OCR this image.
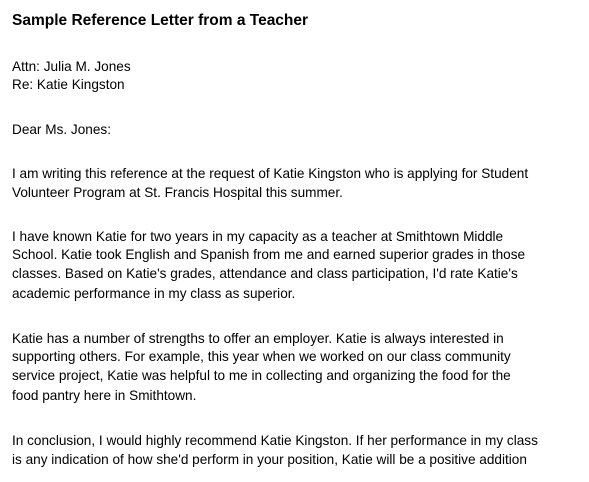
Sample Reference Letter from a Teacher
Attn: Julia M. Jones
Re: Katie Kingston
Dear Ms. Jones:
I am writing this reference at the request of Katie Kingston who is applying for Student
Volunteer Program at St. Francis Hospital this summer.
I have known Katie for two years in my capacity as a teacher at Smithtown Middle
School. Katie took English and Spanish from me and earned superior grades in those
classes. Based on Katie's grades, attendance and class participation, I'd rate Katie's
academic performance in my class as superior.
Katie has a number of strengths to offer an employer. Katie is always interested in
supporting others. For example, this year when we worked on our class community
service project, Katie was helpful to me in collecting and organizing the food for the
food pantry here in Smithtown.
In conclusion, I would highly recommend Katie Kingston. If her performance in my class
is any indication of how she'd perform in your position, Katie will be a positive addition
